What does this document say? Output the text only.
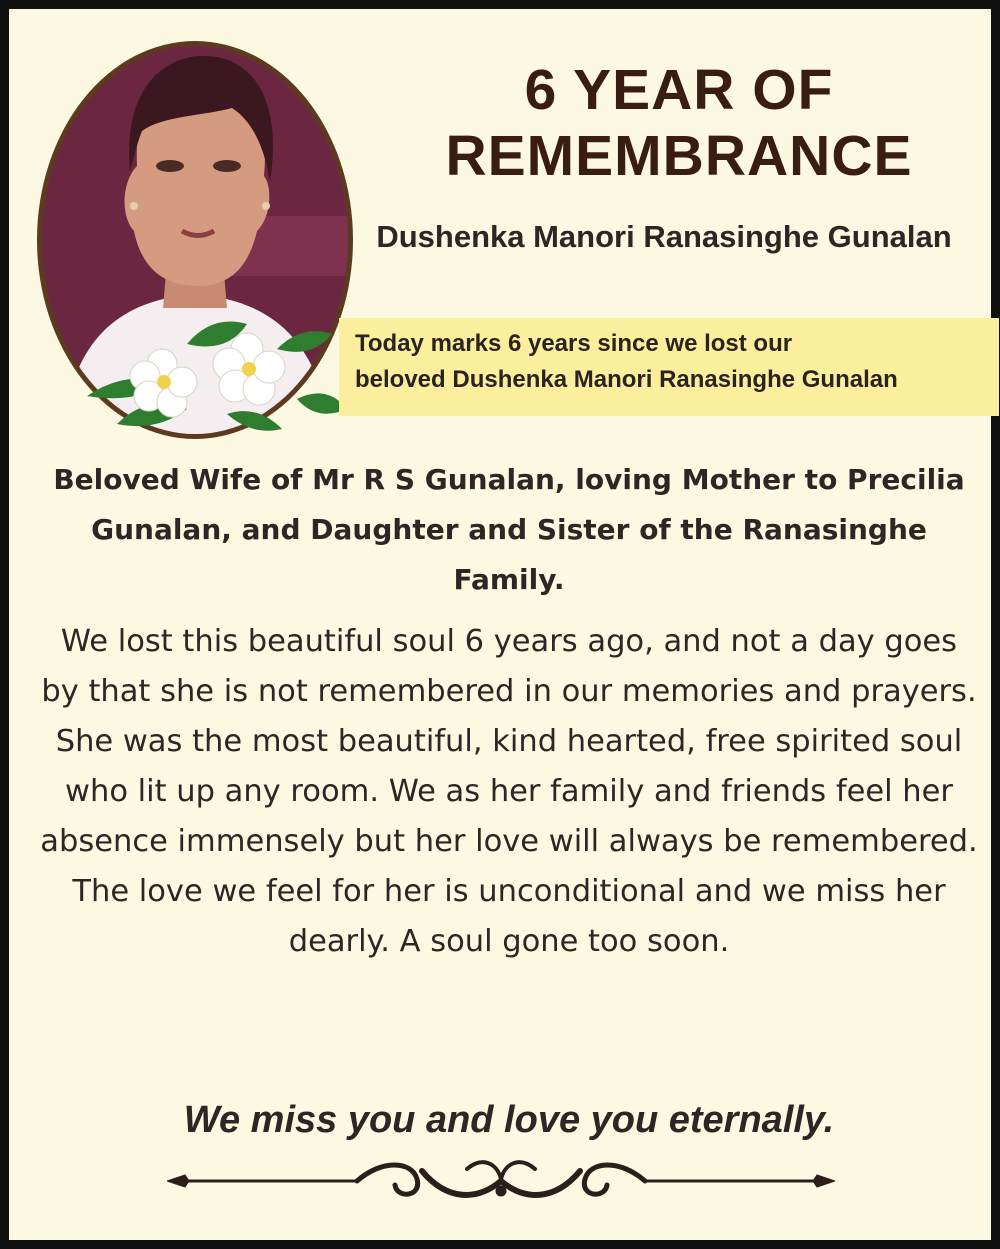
6 YEAR OF REMEMBRANCE
Dushenka Manori Ranasinghe Gunalan

Today marks 6 years since we lost our

beloved Dushenka Manori Ranasinghe Gunalan

Beloved Wife of Mr R S Gunalan, loving Mother to Precilia Gunalan, and Daughter and Sister of the Ranasinghe Family.

We lost this beautiful soul 6 years ago, and not a day goes by that she is not remembered in our memories and prayers. She was the most beautiful, kind hearted, free spirited soul who lit up any room. We as her family and friends feel her absence immensely but her love will always be remembered. The love we feel for her is unconditional and we miss her dearly. A soul gone too soon.

We miss you and love you eternally.
